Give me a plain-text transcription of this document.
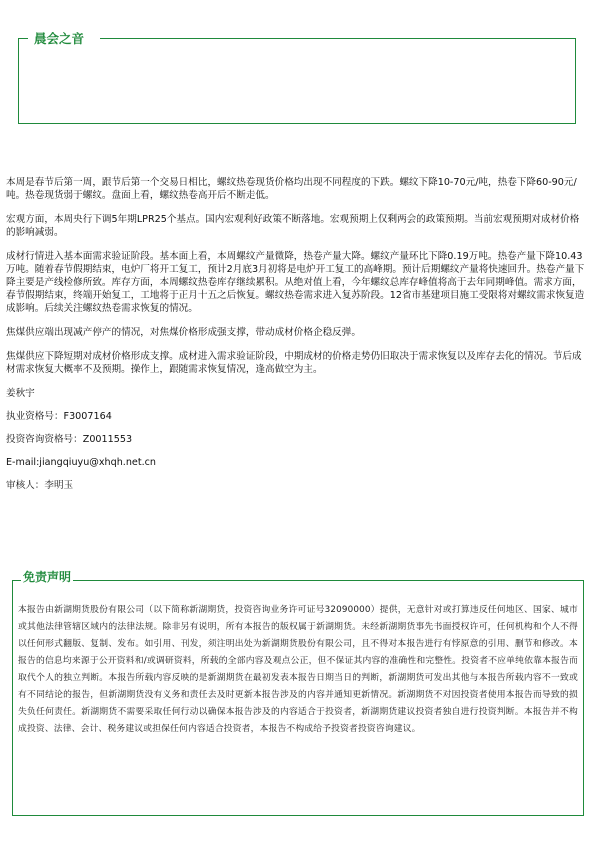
晨会之音

本周是春节后第一周，跟节后第一个交易日相比，螺纹热卷现货价格均出现不同程度的下跌。螺纹下降10-70元/吨，热卷下降60-90元/吨。热卷现货弱于螺纹。盘面上看，螺纹热卷高开后不断走低。

宏观方面，本周央行下调5年期LPR25个基点。国内宏观利好政策不断落地。宏观预期上仅剩两会的政策预期。当前宏观预期对成材价格的影响减弱。

成材行情进入基本面需求验证阶段。基本面上看，本周螺纹产量微降，热卷产量大降。螺纹产量环比下降0.19万吨。热卷产量下降10.43万吨。随着春节假期结束，电炉厂将开工复工，预计2月底3月初将是电炉开工复工的高峰期。预计后期螺纹产量将快速回升。热卷产量下降主要是产线检修所致。库存方面，本周螺纹热卷库存继续累积。从绝对值上看，今年螺纹总库存峰值将高于去年同期峰值。需求方面，春节假期结束，终端开始复工，工地将于正月十五之后恢复。螺纹热卷需求进入复苏阶段。12省市基建项目施工受限将对螺纹需求恢复造成影响。后续关注螺纹热卷需求恢复的情况。

焦煤供应端出现减产停产的情况，对焦煤价格形成强支撑，带动成材价格企稳反弹。

焦煤供应下降短期对成材价格形成支撑。成材进入需求验证阶段，中期成材的价格走势仍旧取决于需求恢复以及库存去化的情况。节后成材需求恢复大概率不及预期。操作上，跟随需求恢复情况，逢高做空为主。

姜秋宇

执业资格号：F3007164

投资咨询资格号：Z0011553

E-mail:jiangqiuyu@xhqh.net.cn

审核人：李明玉

免责声明
本报告由新湖期货股份有限公司（以下简称新湖期货，投资咨询业务许可证号32090000）提供，无意针对或打算违反任何地区、国家、城市或其他法律管辖区域内的法律法规。除非另有说明，所有本报告的版权属于新湖期货。未经新湖期货事先书面授权许可，任何机构和个人不得以任何形式翻版、复制、发布。如引用、刊发，须注明出处为新湖期货股份有限公司，且不得对本报告进行有悖原意的引用、删节和修改。本报告的信息均来源于公开资料和/或调研资料，所载的全部内容及观点公正，但不保证其内容的准确性和完整性。投资者不应单纯依靠本报告而取代个人的独立判断。本报告所载内容反映的是新湖期货在最初发表本报告日期当日的判断，新湖期货可发出其他与本报告所载内容不一致或有不同结论的报告，但新湖期货没有义务和责任去及时更新本报告涉及的内容并通知更新情况。新湖期货不对因投资者使用本报告而导致的损失负任何责任。新湖期货不需要采取任何行动以确保本报告涉及的内容适合于投资者，新湖期货建议投资者独自进行投资判断。本报告并不构成投资、法律、会计、税务建议或担保任何内容适合投资者，本报告不构成给予投资者投资咨询建议。
